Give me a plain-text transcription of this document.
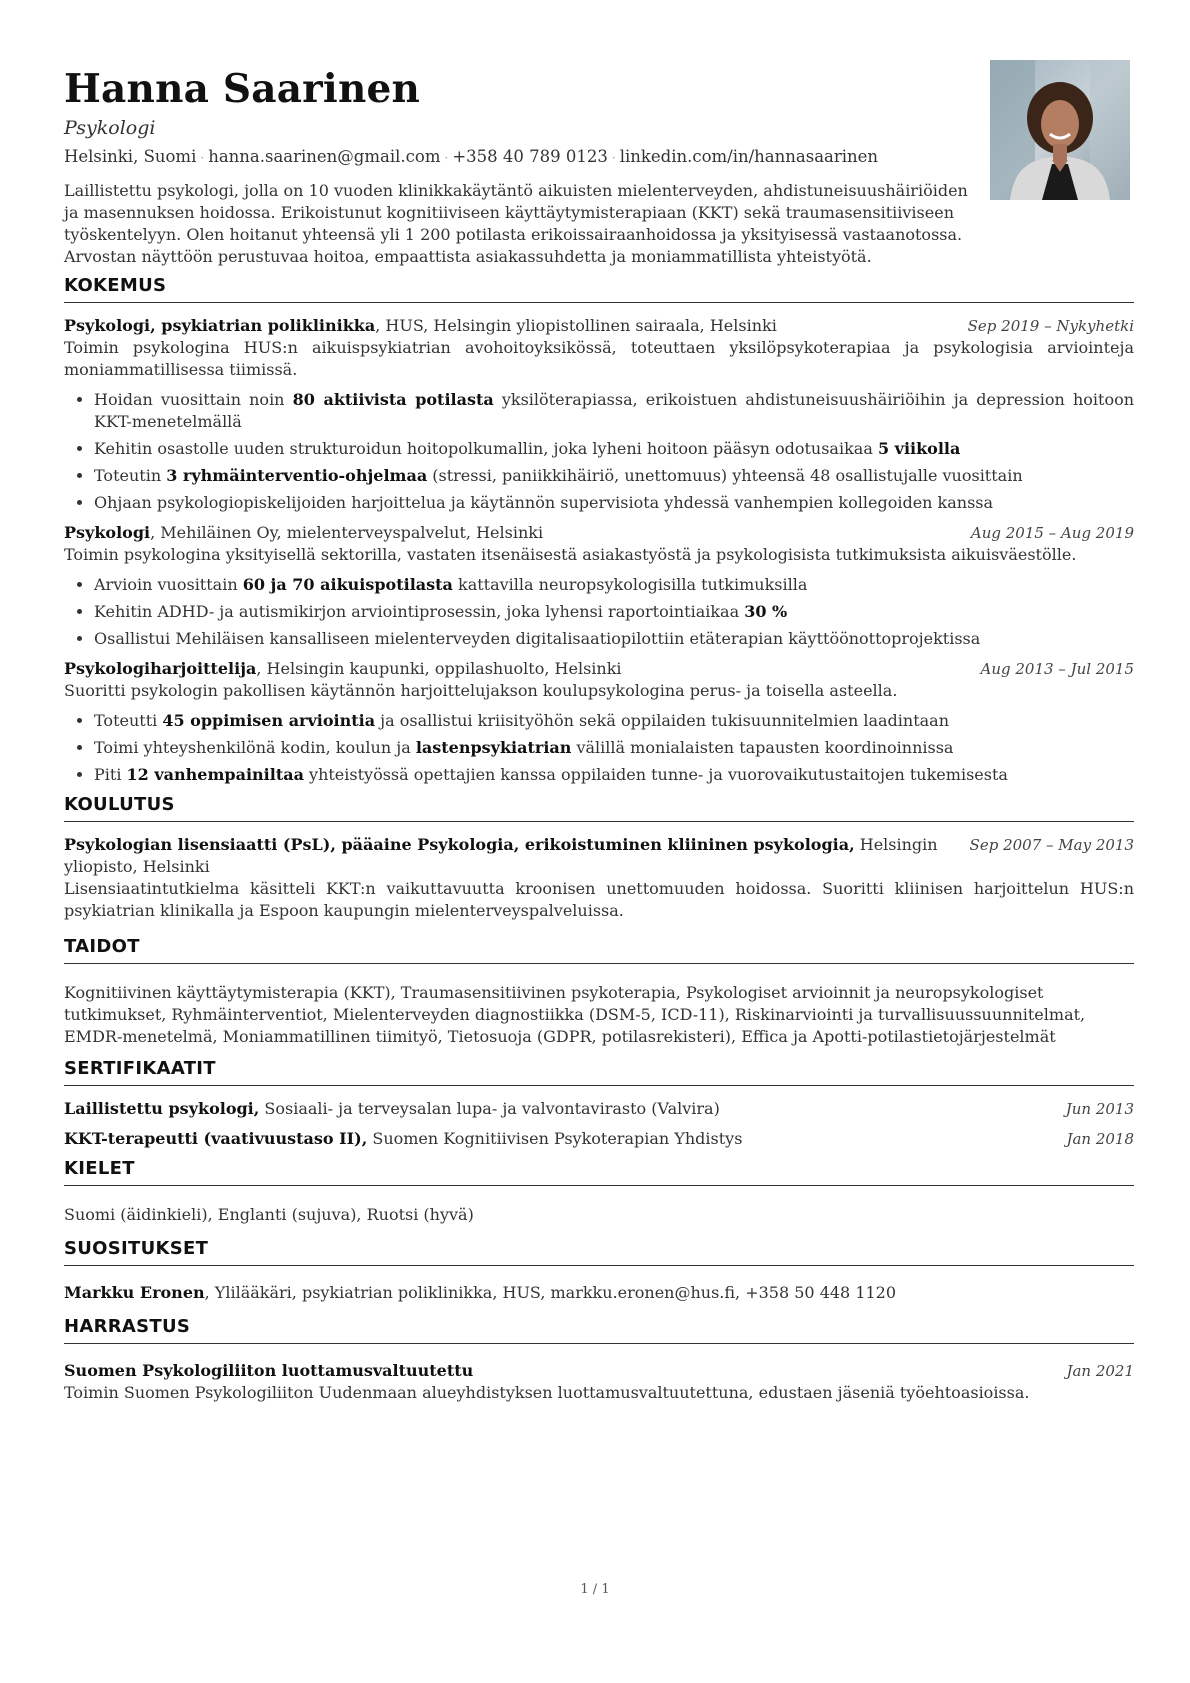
Hanna Saarinen
Psykologi
Helsinki, Suomi · hanna.saarinen@gmail.com · +358 40 789 0123 · linkedin.com/in/hannasaarinen
Laillistettu psykologi, jolla on 10 vuoden klinikkakäytäntö aikuisten mielenterveyden, ahdistuneisuushäiriöiden ja masennuksen hoidossa. Erikoistunut kognitiiviseen käyttäytymisterapiaan (KKT) sekä traumasensitiiviseen työskentelyyn. Olen hoitanut yhteensä yli 1 200 potilasta erikoissairaanhoidossa ja yksityisessä vastaanotossa. Arvostan näyttöön perustuvaa hoitoa, empaattista asiakassuhdetta ja moniammatillista yhteistyötä.
KOKEMUS
Psykologi, psykiatrian poliklinikka, HUS, Helsingin yliopistollinen sairaala, Helsinki	Sep 2019 – Nykyhetki
Toimin psykologina HUS:n aikuispsykiatrian avohoitoyksikössä, toteuttaen yksilöpsykoterapiaa ja psykologisia arviointeja moniammatillisessa tiimissä.
• Hoidan vuosittain noin 80 aktiivista potilasta yksilöterapiassa, erikoistuen ahdistuneisuushäiriöihin ja depression hoitoon KKT-menetelmällä
• Kehitin osastolle uuden strukturoidun hoitopolkumallin, joka lyheni hoitoon pääsyn odotusaikaa 5 viikolla
• Toteutin 3 ryhmäinterventio-ohjelmaa (stressi, paniikkihäiriö, unettomuus) yhteensä 48 osallistujalle vuosittain
• Ohjaan psykologiopiskelijoiden harjoittelua ja käytännön supervisiota yhdessä vanhempien kollegoiden kanssa
Psykologi, Mehiläinen Oy, mielenterveyspalvelut, Helsinki	Aug 2015 – Aug 2019
Toimin psykologina yksityisellä sektorilla, vastaten itsenäisestä asiakastyöstä ja psykologisista tutkimuksista aikuisväestölle.
• Arvioin vuosittain 60 ja 70 aikuispotilasta kattavilla neuropsykologisilla tutkimuksilla
• Kehitin ADHD- ja autismikirjon arviointiprosessin, joka lyhensi raportointiaikaa 30 %
• Osallistui Mehiläisen kansalliseen mielenterveyden digitalisaatiopilottiin etäterapian käyttöönottoprojektissa
Psykologiharjoittelija, Helsingin kaupunki, oppilashuolto, Helsinki	Aug 2013 – Jul 2015
Suoritti psykologin pakollisen käytännön harjoittelujakson koulupsykologina perus- ja toisella asteella.
• Toteutti 45 oppimisen arviointia ja osallistui kriisityöhön sekä oppilaiden tukisuunnitelmien laadintaan
• Toimi yhteyshenkilönä kodin, koulun ja lastenpsykiatrian välillä monialaisten tapausten koordinoinnissa
• Piti 12 vanhempainiltaa yhteistyössä opettajien kanssa oppilaiden tunne- ja vuorovaikutustaitojen tukemisesta
KOULUTUS
Psykologian lisensiaatti (PsL), pääaine Psykologia, erikoistuminen kliininen psykologia, Helsingin yliopisto, Helsinki
Sep 2007 – May 2013
Lisensiaatintutkielma käsitteli KKT:n vaikuttavuutta kroonisen unettomuuden hoidossa. Suoritti kliinisen harjoittelun HUS:n psykiatrian klinikalla ja Espoon kaupungin mielenterveyspalveluissa.
TAIDOT
Kognitiivinen käyttäytymisterapia (KKT), Traumasensitiivinen psykoterapia, Psykologiset arvioinnit ja neuropsykologiset tutkimukset, Ryhmäinterventiot, Mielenterveyden diagnostiikka (DSM-5, ICD-11), Riskinarviointi ja turvallisuussuunnitelmat, EMDR-menetelmä, Moniammatillinen tiimityö, Tietosuoja (GDPR, potilasrekisteri), Effica ja Apotti-potilastietojärjestelmät
SERTIFIKAATIT
Laillistettu psykologi, Sosiaali- ja terveysalan lupa- ja valvontavirasto (Valvira)	Jun 2013
KKT-terapeutti (vaativuustaso II), Suomen Kognitiivisen Psykoterapian Yhdistys	Jan 2018
KIELET
Suomi (äidinkieli), Englanti (sujuva), Ruotsi (hyvä)
SUOSITUKSET
Markku Eronen, Ylilääkäri, psykiatrian poliklinikka, HUS, markku.eronen@hus.fi, +358 50 448 1120
HARRASTUS
Suomen Psykologiliiton luottamusvaltuutettu	Jan 2021
Toimin Suomen Psykologiliiton Uudenmaan alueyhdistyksen luottamusvaltuutettuna, edustaen jäseniä työehtoasioissa.
1 / 1
